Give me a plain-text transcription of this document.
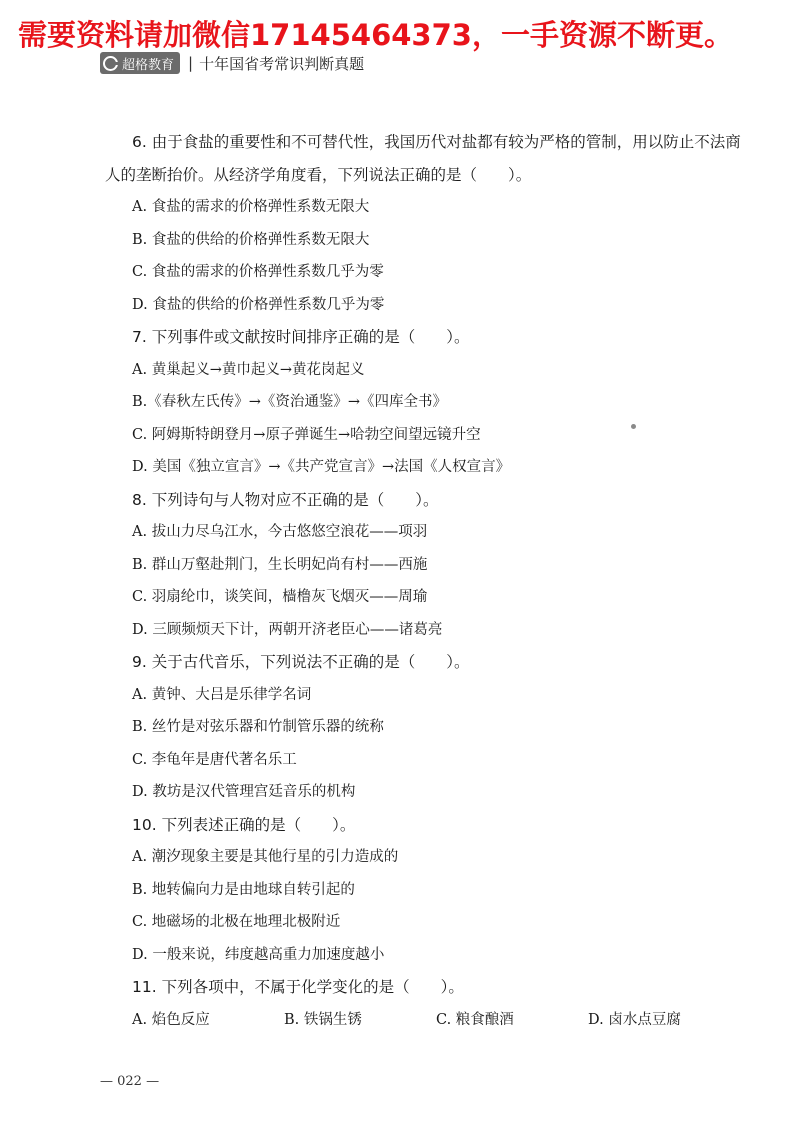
需要资料请加微信17145464373，一手资源不断更。
超格教育 | 十年国省考常识判断真题
6. 由于食盐的重要性和不可替代性，我国历代对盐都有较为严格的管制，用以防止不法商
人的垄断抬价。从经济学角度看，下列说法正确的是（　　）。
A. 食盐的需求的价格弹性系数无限大
B. 食盐的供给的价格弹性系数无限大
C. 食盐的需求的价格弹性系数几乎为零
D. 食盐的供给的价格弹性系数几乎为零
7. 下列事件或文献按时间排序正确的是（　　）。
A. 黄巢起义→黄巾起义→黄花岗起义
B.《春秋左氏传》→《资治通鉴》→《四库全书》
C. 阿姆斯特朗登月→原子弹诞生→哈勃空间望远镜升空
D. 美国《独立宣言》→《共产党宣言》→法国《人权宣言》
8. 下列诗句与人物对应不正确的是（　　）。
A. 拔山力尽乌江水，今古悠悠空浪花——项羽
B. 群山万壑赴荆门，生长明妃尚有村——西施
C. 羽扇纶巾，谈笑间，樯橹灰飞烟灭——周瑜
D. 三顾频烦天下计，两朝开济老臣心——诸葛亮
9. 关于古代音乐，下列说法不正确的是（　　）。
A. 黄钟、大吕是乐律学名词
B. 丝竹是对弦乐器和竹制管乐器的统称
C. 李龟年是唐代著名乐工
D. 教坊是汉代管理宫廷音乐的机构
10. 下列表述正确的是（　　）。
A. 潮汐现象主要是其他行星的引力造成的
B. 地转偏向力是由地球自转引起的
C. 地磁场的北极在地理北极附近
D. 一般来说，纬度越高重力加速度越小
11. 下列各项中，不属于化学变化的是（　　）。
A. 焰色反应	B. 铁锅生锈	C. 粮食酿酒	D. 卤水点豆腐
— 022 —
